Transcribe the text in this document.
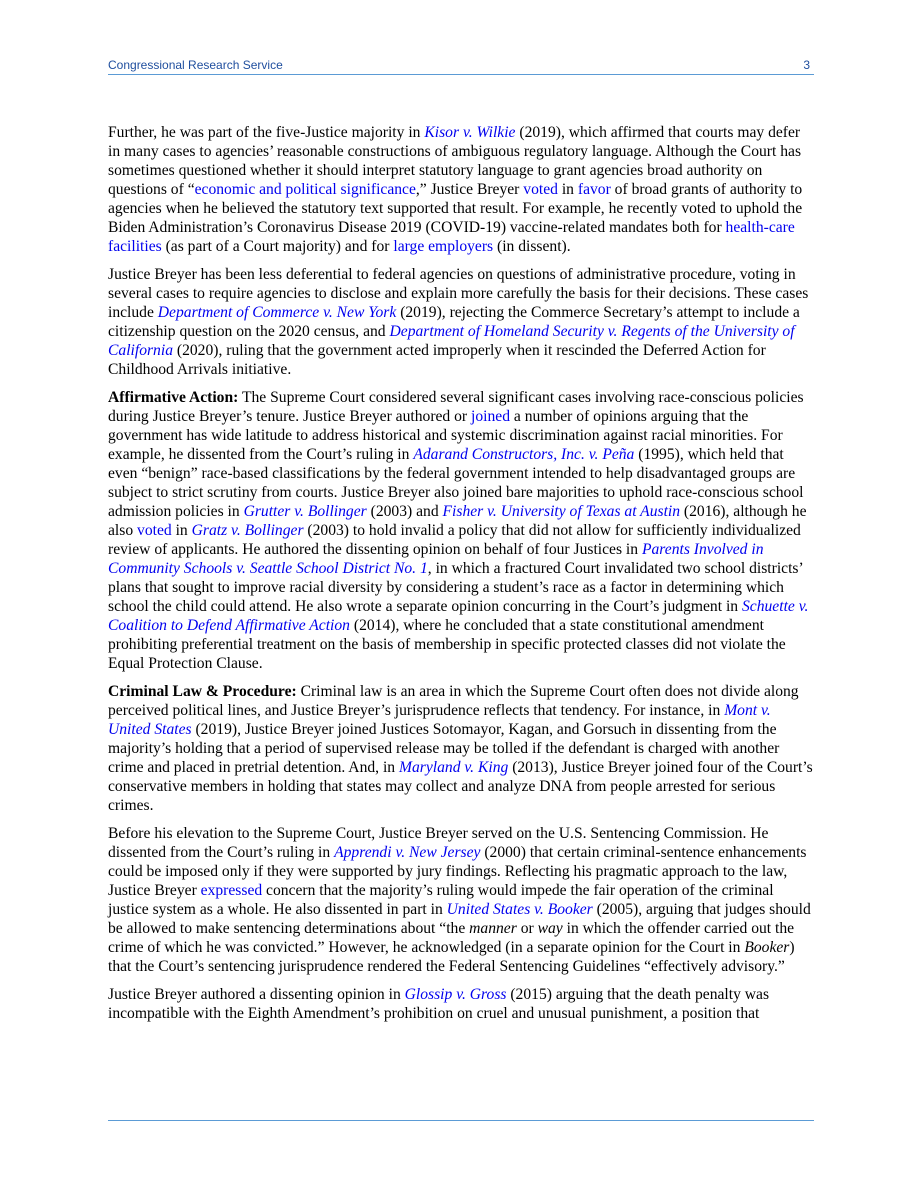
Congressional Research Service	3

Further, he was part of the five-Justice majority in Kisor v. Wilkie (2019), which affirmed that courts may defer in many cases to agencies’ reasonable constructions of ambiguous regulatory language. Although the Court has sometimes questioned whether it should interpret statutory language to grant agencies broad authority on questions of “economic and political significance,” Justice Breyer voted in favor of broad grants of authority to agencies when he believed the statutory text supported that result. For example, he recently voted to uphold the Biden Administration’s Coronavirus Disease 2019 (COVID-19) vaccine-related mandates both for health-care facilities (as part of a Court majority) and for large employers (in dissent).

Justice Breyer has been less deferential to federal agencies on questions of administrative procedure, voting in several cases to require agencies to disclose and explain more carefully the basis for their decisions. These cases include Department of Commerce v. New York (2019), rejecting the Commerce Secretary’s attempt to include a citizenship question on the 2020 census, and Department of Homeland Security v. Regents of the University of California (2020), ruling that the government acted improperly when it rescinded the Deferred Action for Childhood Arrivals initiative.

Affirmative Action: The Supreme Court considered several significant cases involving race-conscious policies during Justice Breyer’s tenure. Justice Breyer authored or joined a number of opinions arguing that the government has wide latitude to address historical and systemic discrimination against racial minorities. For example, he dissented from the Court’s ruling in Adarand Constructors, Inc. v. Peña (1995), which held that even “benign” race-based classifications by the federal government intended to help disadvantaged groups are subject to strict scrutiny from courts. Justice Breyer also joined bare majorities to uphold race-conscious school admission policies in Grutter v. Bollinger (2003) and Fisher v. University of Texas at Austin (2016), although he also voted in Gratz v. Bollinger (2003) to hold invalid a policy that did not allow for sufficiently individualized review of applicants. He authored the dissenting opinion on behalf of four Justices in Parents Involved in Community Schools v. Seattle School District No. 1, in which a fractured Court invalidated two school districts’ plans that sought to improve racial diversity by considering a student’s race as a factor in determining which school the child could attend. He also wrote a separate opinion concurring in the Court’s judgment in Schuette v. Coalition to Defend Affirmative Action (2014), where he concluded that a state constitutional amendment prohibiting preferential treatment on the basis of membership in specific protected classes did not violate the Equal Protection Clause.

Criminal Law & Procedure: Criminal law is an area in which the Supreme Court often does not divide along perceived political lines, and Justice Breyer’s jurisprudence reflects that tendency. For instance, in Mont v. United States (2019), Justice Breyer joined Justices Sotomayor, Kagan, and Gorsuch in dissenting from the majority’s holding that a period of supervised release may be tolled if the defendant is charged with another crime and placed in pretrial detention. And, in Maryland v. King (2013), Justice Breyer joined four of the Court’s conservative members in holding that states may collect and analyze DNA from people arrested for serious crimes.

Before his elevation to the Supreme Court, Justice Breyer served on the U.S. Sentencing Commission. He dissented from the Court’s ruling in Apprendi v. New Jersey (2000) that certain criminal-sentence enhancements could be imposed only if they were supported by jury findings. Reflecting his pragmatic approach to the law, Justice Breyer expressed concern that the majority’s ruling would impede the fair operation of the criminal justice system as a whole. He also dissented in part in United States v. Booker (2005), arguing that judges should be allowed to make sentencing determinations about “the manner or way in which the offender carried out the crime of which he was convicted.” However, he acknowledged (in a separate opinion for the Court in Booker) that the Court’s sentencing jurisprudence rendered the Federal Sentencing Guidelines “effectively advisory.”

Justice Breyer authored a dissenting opinion in Glossip v. Gross (2015) arguing that the death penalty was incompatible with the Eighth Amendment’s prohibition on cruel and unusual punishment, a position that
